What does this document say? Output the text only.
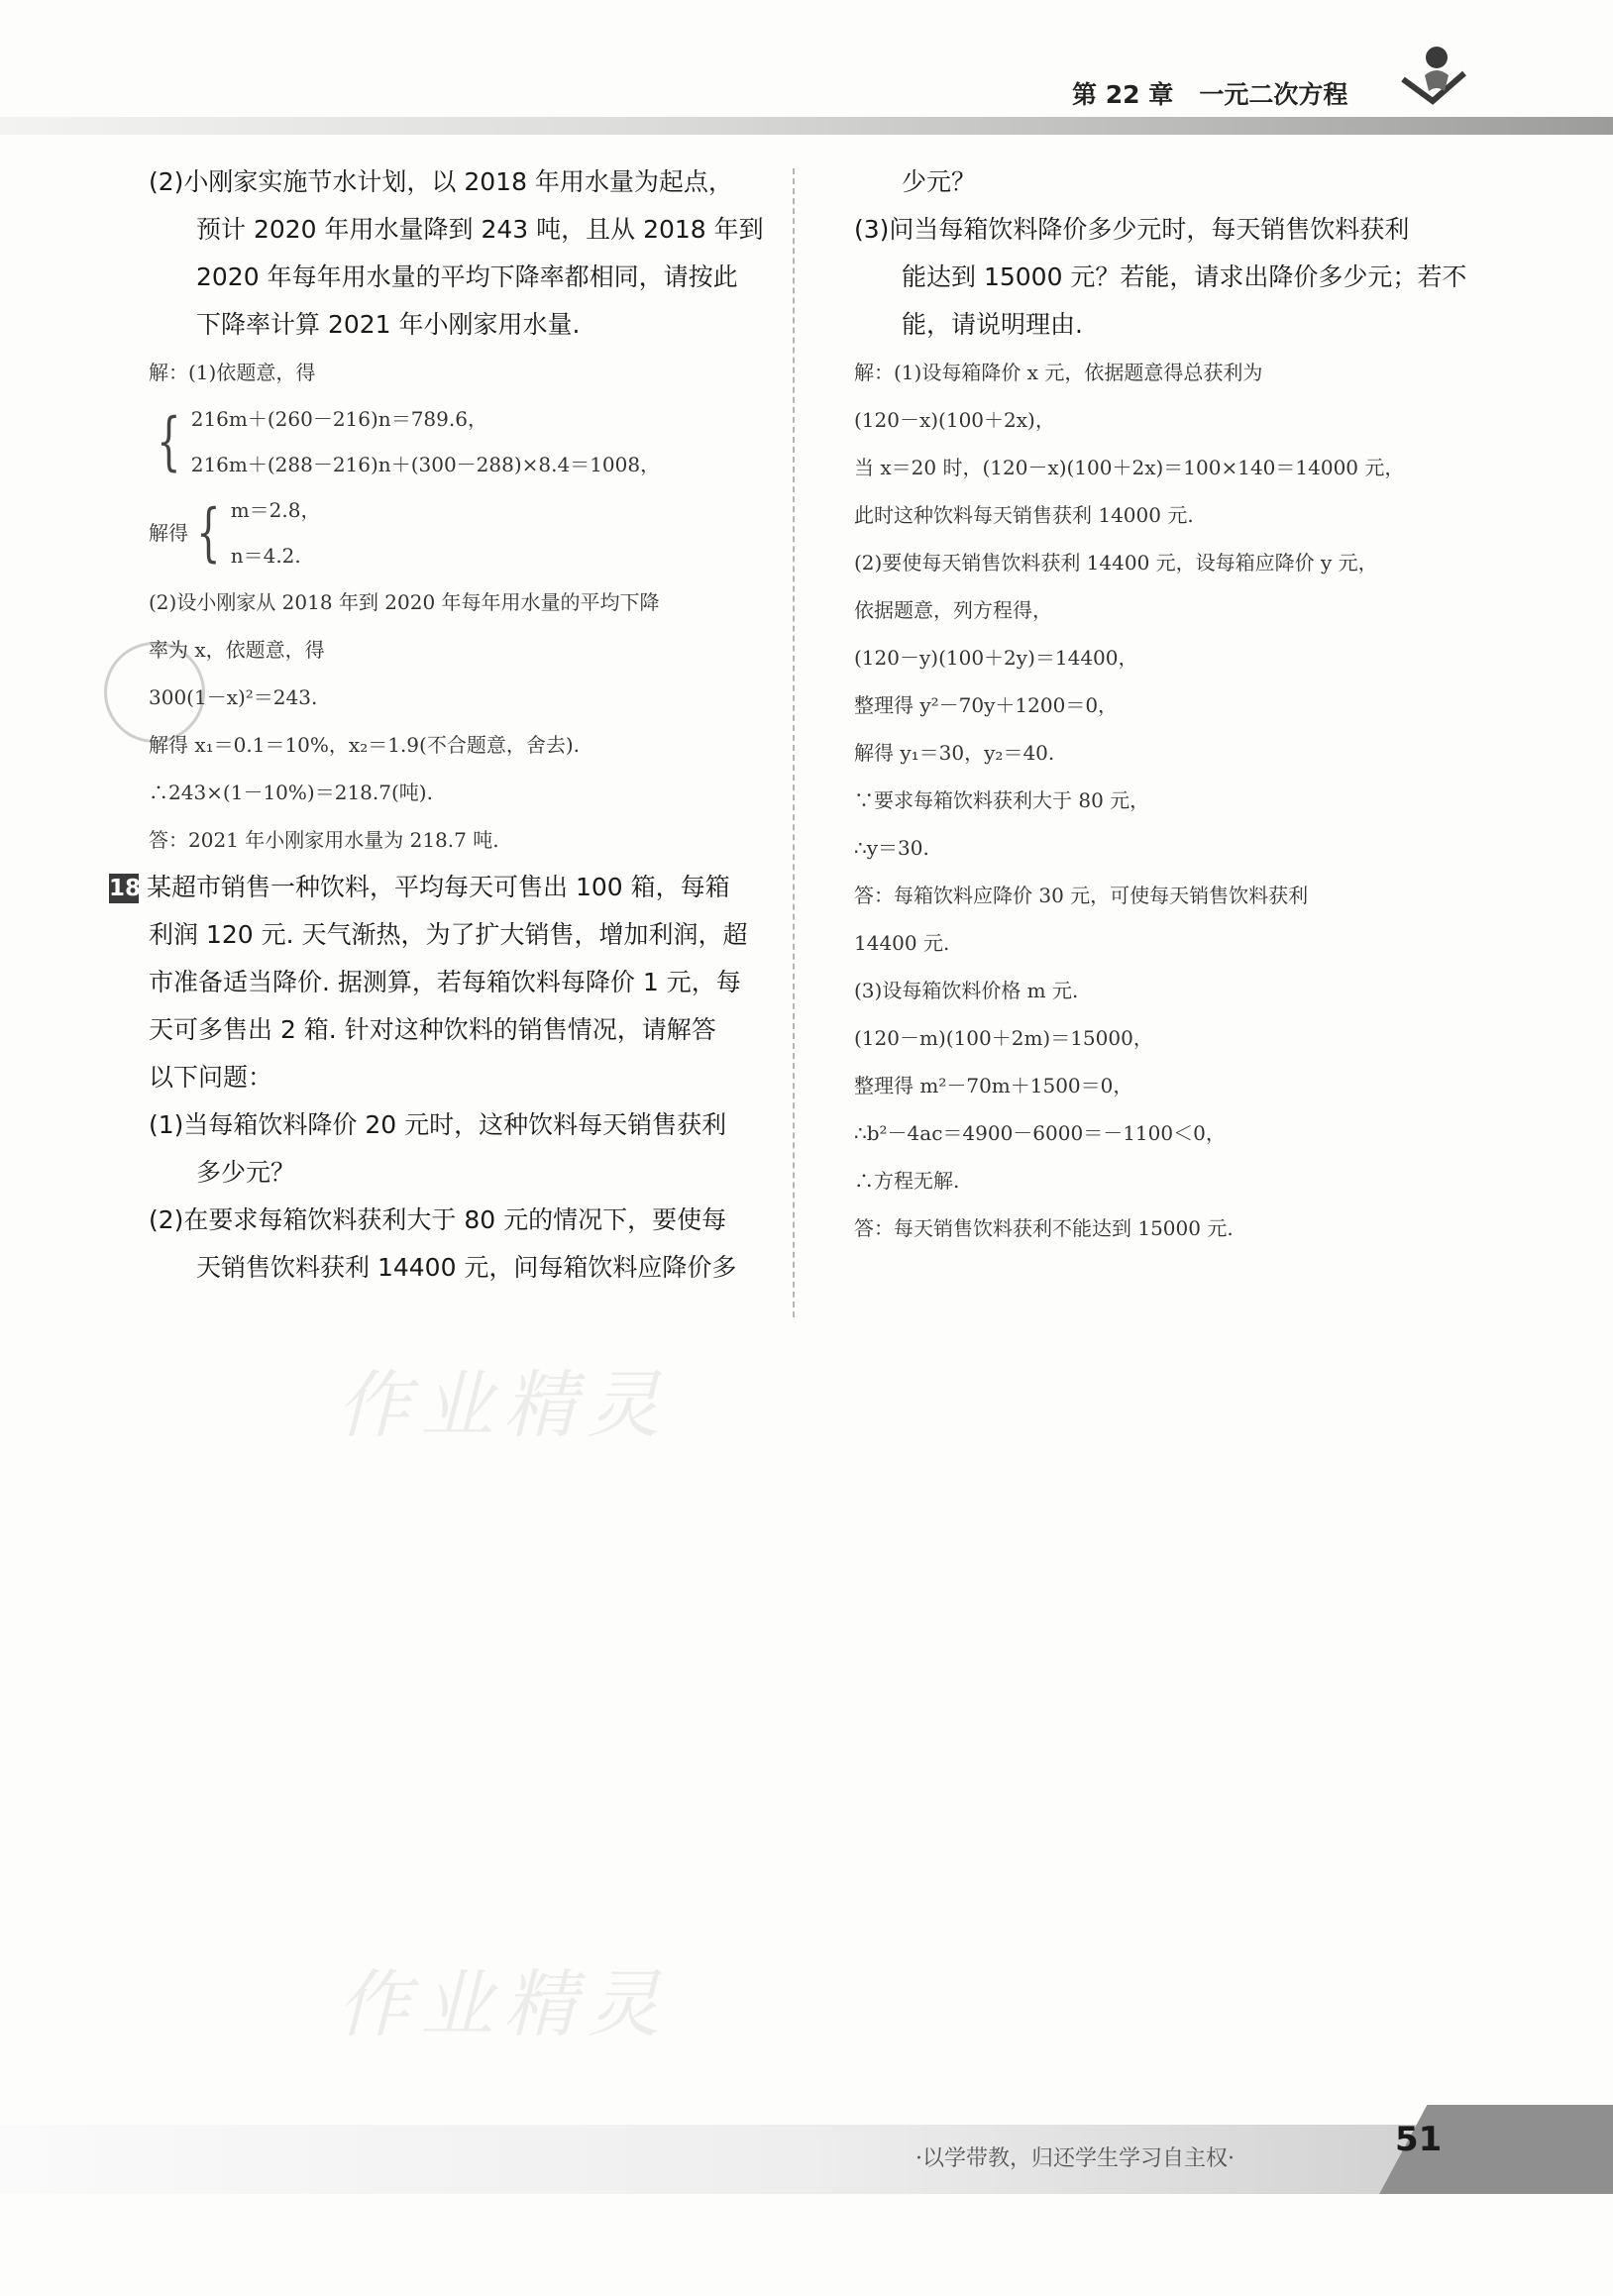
第 22 章 一元二次方程
作业精灵
作业精灵
(2)小刚家实施节水计划，以 2018 年用水量为起点，
预计 2020 年用水量降到 243 吨，且从 2018 年到
2020 年每年用水量的平均下降率都相同，请按此
下降率计算 2021 年小刚家用水量.
解：(1)依题意，得
{ 216m＋(260－216)n＝789.6，
216m＋(288－216)n＋(300－288)×8.4＝1008，
解得 { m＝2.8，
n＝4.2.
(2)设小刚家从 2018 年到 2020 年每年用水量的平均下降
率为 x，依题意，得
300(1－x)²＝243.
解得 x₁＝0.1＝10%，x₂＝1.9(不合题意，舍去).
∴243×(1－10%)＝218.7(吨).
答：2021 年小刚家用水量为 218.7 吨.
18 某超市销售一种饮料，平均每天可售出 100 箱，每箱
利润 120 元. 天气渐热，为了扩大销售，增加利润，超
市准备适当降价. 据测算，若每箱饮料每降价 1 元，每
天可多售出 2 箱. 针对这种饮料的销售情况，请解答
以下问题：
(1)当每箱饮料降价 20 元时，这种饮料每天销售获利
多少元？
(2)在要求每箱饮料获利大于 80 元的情况下，要使每
天销售饮料获利 14400 元，问每箱饮料应降价多
少元？
(3)问当每箱饮料降价多少元时，每天销售饮料获利
能达到 15000 元？若能，请求出降价多少元；若不
能，请说明理由.
解：(1)设每箱降价 x 元，依据题意得总获利为
(120－x)(100＋2x)，
当 x＝20 时，(120－x)(100＋2x)＝100×140＝14000 元，
此时这种饮料每天销售获利 14000 元.
(2)要使每天销售饮料获利 14400 元，设每箱应降价 y 元，
依据题意，列方程得，
(120－y)(100＋2y)＝14400，
整理得 y²－70y＋1200＝0，
解得 y₁＝30，y₂＝40.
∵要求每箱饮料获利大于 80 元，
∴y＝30.
答：每箱饮料应降价 30 元，可使每天销售饮料获利
14400 元.
(3)设每箱饮料价格 m 元.
(120－m)(100＋2m)＝15000，
整理得 m²－70m＋1500＝0，
∴b²－4ac＝4900－6000＝－1100＜0，
∴方程无解.
答：每天销售饮料获利不能达到 15000 元.
·以学带教，归还学生学习自主权·	51
